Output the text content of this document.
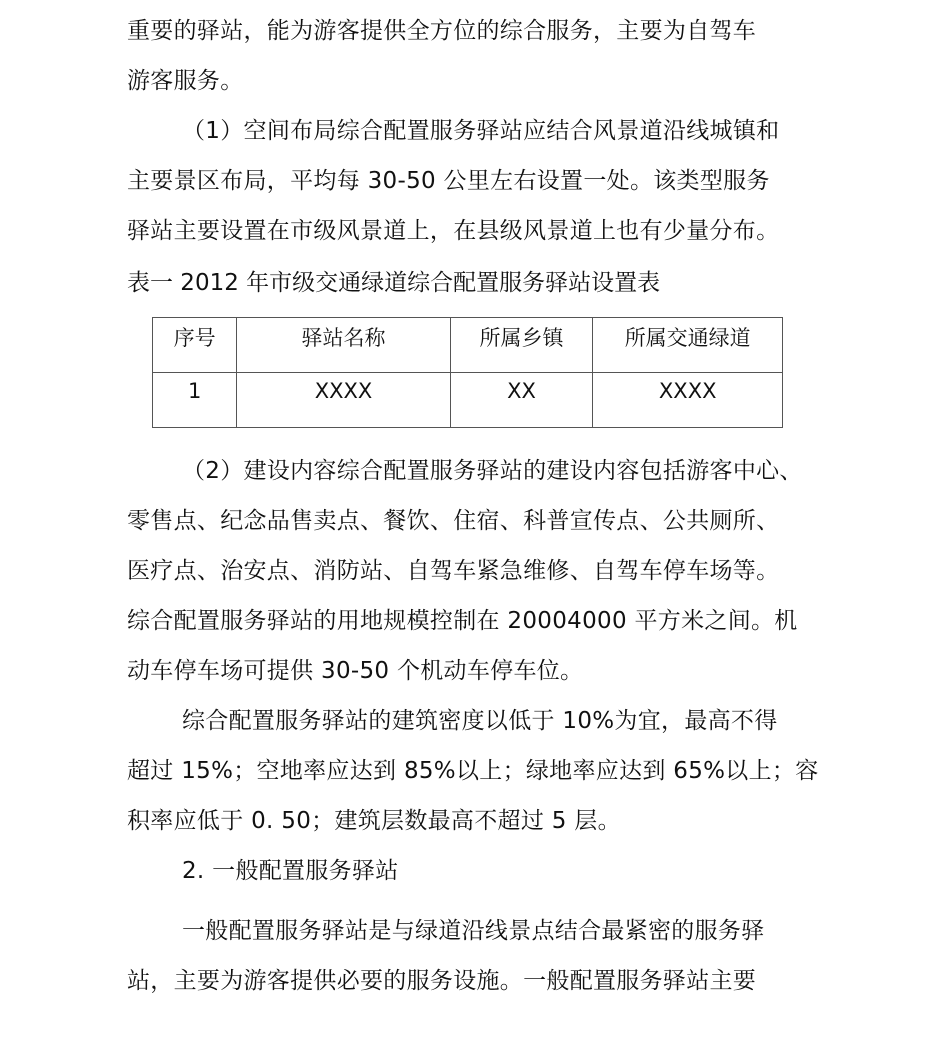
重要的驿站，能为游客提供全方位的综合服务，主要为自驾车
游客服务。
（1）空间布局综合配置服务驿站应结合风景道沿线城镇和
主要景区布局，平均每 30-50 公里左右设置一处。该类型服务
驿站主要设置在市级风景道上，在县级风景道上也有少量分布。
表一 2012 年市级交通绿道综合配置服务驿站设置表
序号	驿站名称	所属乡镇	所属交通绿道
1	XXXX	XX	XXXX
（2）建设内容综合配置服务驿站的建设内容包括游客中心、
零售点、纪念品售卖点、餐饮、住宿、科普宣传点、公共厕所、
医疗点、治安点、消防站、自驾车紧急维修、自驾车停车场等。
综合配置服务驿站的用地规模控制在 20004000 平方米之间。机
动车停车场可提供 30-50 个机动车停车位。
综合配置服务驿站的建筑密度以低于 10%为宜，最高不得
超过 15%；空地率应达到 85%以上；绿地率应达到 65%以上；容
积率应低于 0. 50；建筑层数最高不超过 5 层。
2. 一般配置服务驿站
一般配置服务驿站是与绿道沿线景点结合最紧密的服务驿
站，主要为游客提供必要的服务设施。一般配置服务驿站主要
